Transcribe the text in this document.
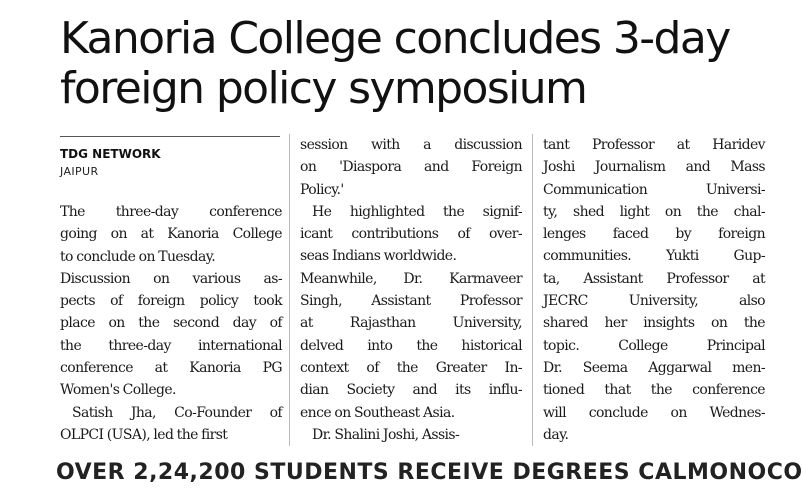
Kanoria College concludes 3-day
foreign policy symposium
TDG NETWORK
JAIPUR
The three-day conference
going on at Kanoria College
to conclude on Tuesday.
Discussion on various as-
pects of foreign policy took
place on the second day of
the three-day international
conference at Kanoria PG
Women's College.
Satish Jha, Co-Founder of
OLPCI (USA), led the first
session with a discussion
on 'Diaspora and Foreign
Policy.'
He highlighted the signif-
icant contributions of over-
seas Indians worldwide.
Meanwhile, Dr. Karmaveer
Singh, Assistant Professor
at Rajasthan University,
delved into the historical
context of the Greater In-
dian Society and its influ-
ence on Southeast Asia.
Dr. Shalini Joshi, Assis-
tant Professor at Haridev
Joshi Journalism and Mass
Communication Universi-
ty, shed light on the chal-
lenges faced by foreign
communities. Yukti Gup-
ta, Assistant Professor at
JECRC University, also
shared her insights on the
topic. College Principal
Dr. Seema Aggarwal men-
tioned that the conference
will conclude on Wednes-
day.
OVER 2,24,200 STUDENTS RECEIVE DEGREES CALMONOCO
